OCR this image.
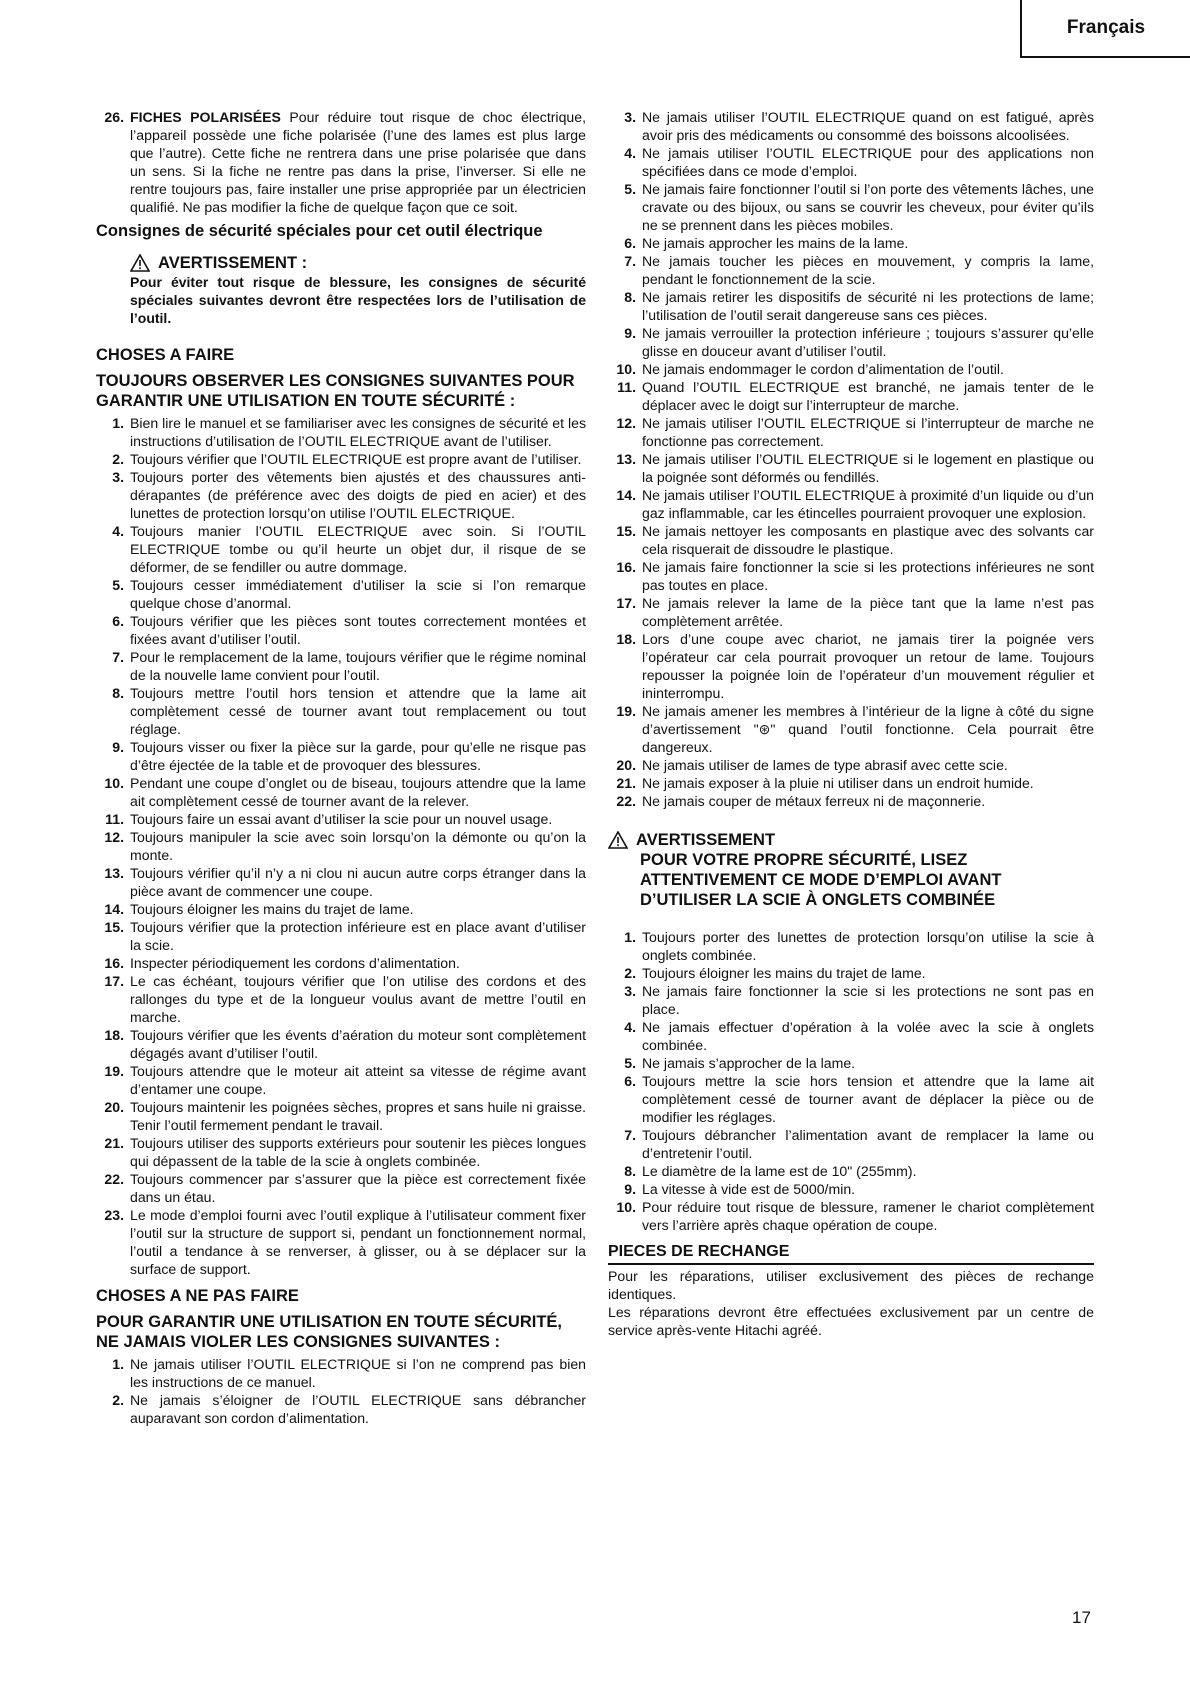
Français
26. FICHES POLARISÉES Pour réduire tout risque de choc électrique, l’appareil possède une fiche polarisée (l’une des lames est plus large que l’autre). Cette fiche ne rentrera dans une prise polarisée que dans un sens. Si la fiche ne rentre pas dans la prise, l’inverser. Si elle ne rentre toujours pas, faire installer une prise appropriée par un électricien qualifié. Ne pas modifier la fiche de quelque façon que ce soit.
Consignes de sécurité spéciales pour cet outil électrique
AVERTISSEMENT :
Pour éviter tout risque de blessure, les consignes de sécurité spéciales suivantes devront être respectées lors de l’utilisation de l’outil.
CHOSES A FAIRE
TOUJOURS OBSERVER LES CONSIGNES SUIVANTES POUR GARANTIR UNE UTILISATION EN TOUTE SÉCURITÉ :
1. Bien lire le manuel et se familiariser avec les consignes de sécurité et les instructions d’utilisation de l’OUTIL ELECTRIQUE avant de l’utiliser.
2. Toujours vérifier que l’OUTIL ELECTRIQUE est propre avant de l’utiliser.
3. Toujours porter des vêtements bien ajustés et des chaussures anti-dérapantes (de préférence avec des doigts de pied en acier) et des lunettes de protection lorsqu’on utilise l’OUTIL ELECTRIQUE.
4. Toujours manier l’OUTIL ELECTRIQUE avec soin. Si l’OUTIL ELECTRIQUE tombe ou qu’il heurte un objet dur, il risque de se déformer, de se fendiller ou autre dommage.
5. Toujours cesser immédiatement d’utiliser la scie si l’on remarque quelque chose d’anormal.
6. Toujours vérifier que les pièces sont toutes correctement montées et fixées avant d’utiliser l’outil.
7. Pour le remplacement de la lame, toujours vérifier que le régime nominal de la nouvelle lame convient pour l’outil.
8. Toujours mettre l’outil hors tension et attendre que la lame ait complètement cessé de tourner avant tout remplacement ou tout réglage.
9. Toujours visser ou fixer la pièce sur la garde, pour qu’elle ne risque pas d’être éjectée de la table et de provoquer des blessures.
10. Pendant une coupe d’onglet ou de biseau, toujours attendre que la lame ait complètement cessé de tourner avant de la relever.
11. Toujours faire un essai avant d’utiliser la scie pour un nouvel usage.
12. Toujours manipuler la scie avec soin lorsqu’on la démonte ou qu’on la monte.
13. Toujours vérifier qu’il n’y a ni clou ni aucun autre corps étranger dans la pièce avant de commencer une coupe.
14. Toujours éloigner les mains du trajet de lame.
15. Toujours vérifier que la protection inférieure est en place avant d’utiliser la scie.
16. Inspecter périodiquement les cordons d’alimentation.
17. Le cas échéant, toujours vérifier que l’on utilise des cordons et des rallonges du type et de la longueur voulus avant de mettre l’outil en marche.
18. Toujours vérifier que les évents d’aération du moteur sont complètement dégagés avant d’utiliser l’outil.
19. Toujours attendre que le moteur ait atteint sa vitesse de régime avant d’entamer une coupe.
20. Toujours maintenir les poignées sèches, propres et sans huile ni graisse. Tenir l’outil fermement pendant le travail.
21. Toujours utiliser des supports extérieurs pour soutenir les pièces longues qui dépassent de la table de la scie à onglets combinée.
22. Toujours commencer par s’assurer que la pièce est correctement fixée dans un étau.
23. Le mode d’emploi fourni avec l’outil explique à l’utilisateur comment fixer l’outil sur la structure de support si, pendant un fonctionnement normal, l’outil a tendance à se renverser, à glisser, ou à se déplacer sur la surface de support.
CHOSES A NE PAS FAIRE
POUR GARANTIR UNE UTILISATION EN TOUTE SÉCURITÉ, NE JAMAIS VIOLER LES CONSIGNES SUIVANTES :
1. Ne jamais utiliser l’OUTIL ELECTRIQUE si l’on ne comprend pas bien les instructions de ce manuel.
2. Ne jamais s’éloigner de l’OUTIL ELECTRIQUE sans débrancher auparavant son cordon d’alimentation.
3. Ne jamais utiliser l’OUTIL ELECTRIQUE quand on est fatigué, après avoir pris des médicaments ou consommé des boissons alcoolisées.
4. Ne jamais utiliser l’OUTIL ELECTRIQUE pour des applications non spécifiées dans ce mode d’emploi.
5. Ne jamais faire fonctionner l’outil si l’on porte des vêtements lâches, une cravate ou des bijoux, ou sans se couvrir les cheveux, pour éviter qu’ils ne se prennent dans les pièces mobiles.
6. Ne jamais approcher les mains de la lame.
7. Ne jamais toucher les pièces en mouvement, y compris la lame, pendant le fonctionnement de la scie.
8. Ne jamais retirer les dispositifs de sécurité ni les protections de lame; l’utilisation de l’outil serait dangereuse sans ces pièces.
9. Ne jamais verrouiller la protection inférieure ; toujours s’assurer qu’elle glisse en douceur avant d’utiliser l’outil.
10. Ne jamais endommager le cordon d’alimentation de l’outil.
11. Quand l’OUTIL ELECTRIQUE est branché, ne jamais tenter de le déplacer avec le doigt sur l’interrupteur de marche.
12. Ne jamais utiliser l’OUTIL ELECTRIQUE si l’interrupteur de marche ne fonctionne pas correctement.
13. Ne jamais utiliser l’OUTIL ELECTRIQUE si le logement en plastique ou la poignée sont déformés ou fendillés.
14. Ne jamais utiliser l’OUTIL ELECTRIQUE à proximité d’un liquide ou d’un gaz inflammable, car les étincelles pourraient provoquer une explosion.
15. Ne jamais nettoyer les composants en plastique avec des solvants car cela risquerait de dissoudre le plastique.
16. Ne jamais faire fonctionner la scie si les protections inférieures ne sont pas toutes en place.
17. Ne jamais relever la lame de la pièce tant que la lame n’est pas complètement arrêtée.
18. Lors d’une coupe avec chariot, ne jamais tirer la poignée vers l’opérateur car cela pourrait provoquer un retour de lame. Toujours repousser la poignée loin de l’opérateur d’un mouvement régulier et ininterrompu.
19. Ne jamais amener les membres à l’intérieur de la ligne à côté du signe d’avertissement "⊛" quand l’outil fonctionne. Cela pourrait être dangereux.
20. Ne jamais utiliser de lames de type abrasif avec cette scie.
21. Ne jamais exposer à la pluie ni utiliser dans un endroit humide.
22. Ne jamais couper de métaux ferreux ni de maçonnerie.
AVERTISSEMENT
POUR VOTRE PROPRE SÉCURITÉ, LISEZ ATTENTIVEMENT CE MODE D’EMPLOI AVANT D’UTILISER LA SCIE À ONGLETS COMBINÉE
1. Toujours porter des lunettes de protection lorsqu’on utilise la scie à onglets combinée.
2. Toujours éloigner les mains du trajet de lame.
3. Ne jamais faire fonctionner la scie si les protections ne sont pas en place.
4. Ne jamais effectuer d’opération à la volée avec la scie à onglets combinée.
5. Ne jamais s’approcher de la lame.
6. Toujours mettre la scie hors tension et attendre que la lame ait complètement cessé de tourner avant de déplacer la pièce ou de modifier les réglages.
7. Toujours débrancher l’alimentation avant de remplacer la lame ou d’entretenir l’outil.
8. Le diamètre de la lame est de 10" (255mm).
9. La vitesse à vide est de 5000/min.
10. Pour réduire tout risque de blessure, ramener le chariot complètement vers l’arrière après chaque opération de coupe.
PIECES DE RECHANGE
Pour les réparations, utiliser exclusivement des pièces de rechange identiques.
Les réparations devront être effectuées exclusivement par un centre de service après-vente Hitachi agréé.
17
